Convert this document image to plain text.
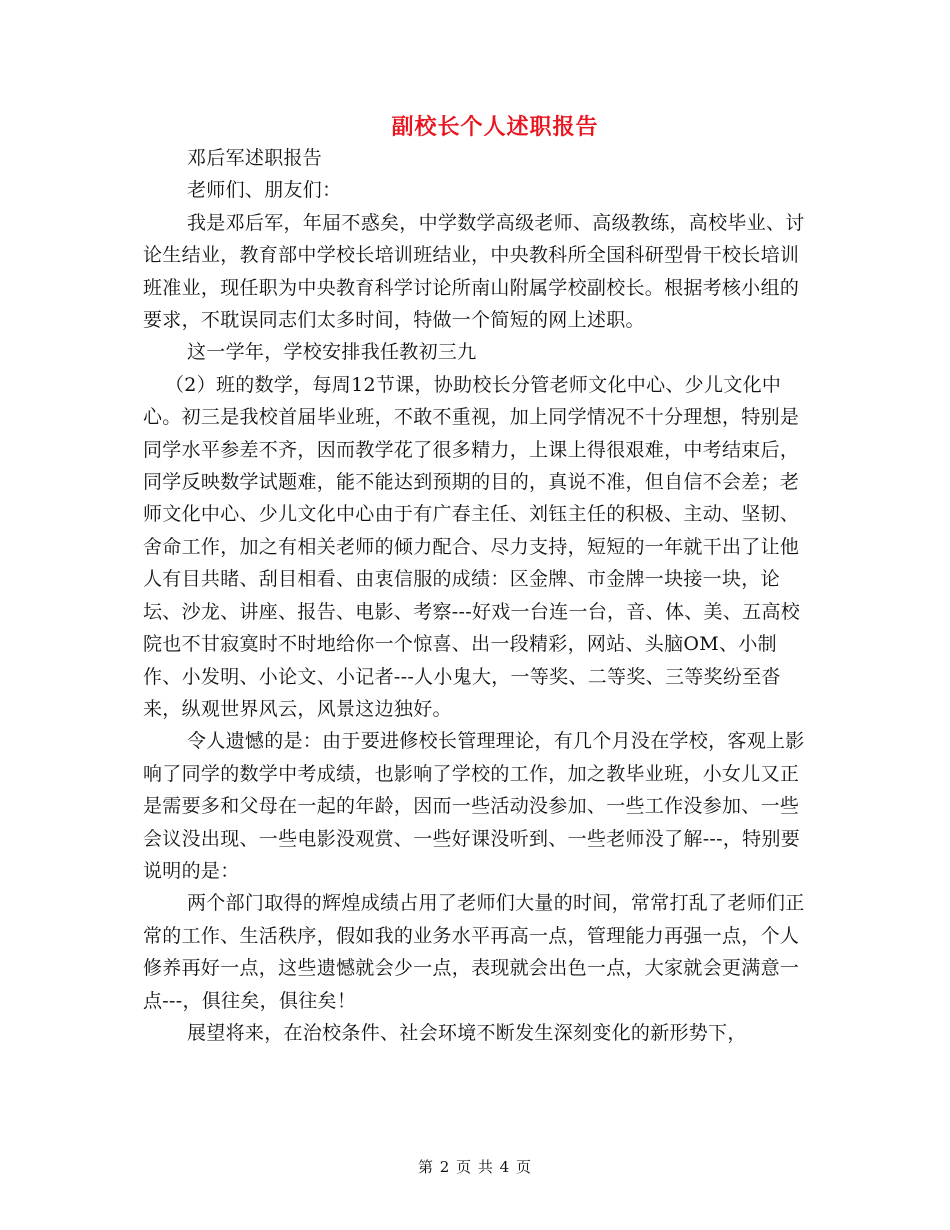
副校长个人述职报告

邓后军述职报告

老师们、朋友们：

我是邓后军，年届不惑矣，中学数学高级老师、高级教练，高校毕业、讨论生结业，教育部中学校长培训班结业，中央教科所全国科研型骨干校长培训班准业，现任职为中央教育科学讨论所南山附属学校副校长。根据考核小组的要求，不耽误同志们太多时间，特做一个简短的网上述职。

这一学年，学校安排我任教初三九

（2）班的数学，每周12节课，协助校长分管老师文化中心、少儿文化中心。初三是我校首届毕业班，不敢不重视，加上同学情况不十分理想，特别是同学水平参差不齐，因而教学花了很多精力，上课上得很艰难，中考结束后，同学反映数学试题难，能不能达到预期的目的，真说不准，但自信不会差；老师文化中心、少儿文化中心由于有广春主任、刘钰主任的积极、主动、坚韧、舍命工作，加之有相关老师的倾力配合、尽力支持，短短的一年就干出了让他人有目共睹、刮目相看、由衷信服的成绩：区金牌、市金牌一块接一块，论坛、沙龙、讲座、报告、电影、考察---好戏一台连一台，音、体、美、五高校院也不甘寂寞时不时地给你一个惊喜、出一段精彩，网站、头脑OM、小制作、小发明、小论文、小记者---人小鬼大，一等奖、二等奖、三等奖纷至沓来，纵观世界风云，风景这边独好。

令人遗憾的是：由于要进修校长管理理论，有几个月没在学校，客观上影响了同学的数学中考成绩，也影响了学校的工作，加之教毕业班，小女儿又正是需要多和父母在一起的年龄，因而一些活动没参加、一些工作没参加、一些会议没出现、一些电影没观赏、一些好课没听到、一些老师没了解---，特别要说明的是：

两个部门取得的辉煌成绩占用了老师们大量的时间，常常打乱了老师们正常的工作、生活秩序，假如我的业务水平再高一点，管理能力再强一点，个人修养再好一点，这些遗憾就会少一点，表现就会出色一点，大家就会更满意一点---，俱往矣，俱往矣！

展望将来，在治校条件、社会环境不断发生深刻变化的新形势下，

第 2 页 共 4 页
